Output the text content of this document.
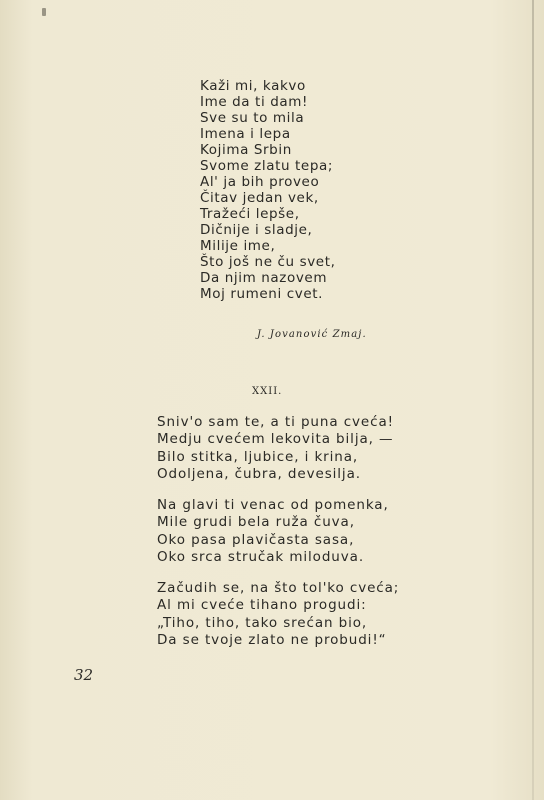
Kaži mi, kakvo
Ime da ti dam!
Sve su to mila
Imena i lepa
Kojima Srbin
Svome zlatu tepa;
Al' ja bih proveo
Čitav jedan vek,
Tražeći lepše,
Dičnije i sladje,
Milije ime,
Što još ne ču svet,
Da njim nazovem
Moj rumeni cvet.
J. Jovanović Zmaj.
XXII.
Sniv'o sam te, a ti puna cveća!
Medju cvećem lekovita bilja, —
Bilo stitka, ljubice, i krina,
Odoljena, čubra, devesilja.
Na glavi ti venac od pomenka,
Mile grudi bela ruža čuva,
Oko pasa plavičasta sasa,
Oko srca stručak miloduva.
Začudih se, na što tol'ko cveća;
Al mi cveće tihano progudi:
„Tiho, tiho, tako srećan bio,
Da se tvoje zlato ne probudi!“
32
